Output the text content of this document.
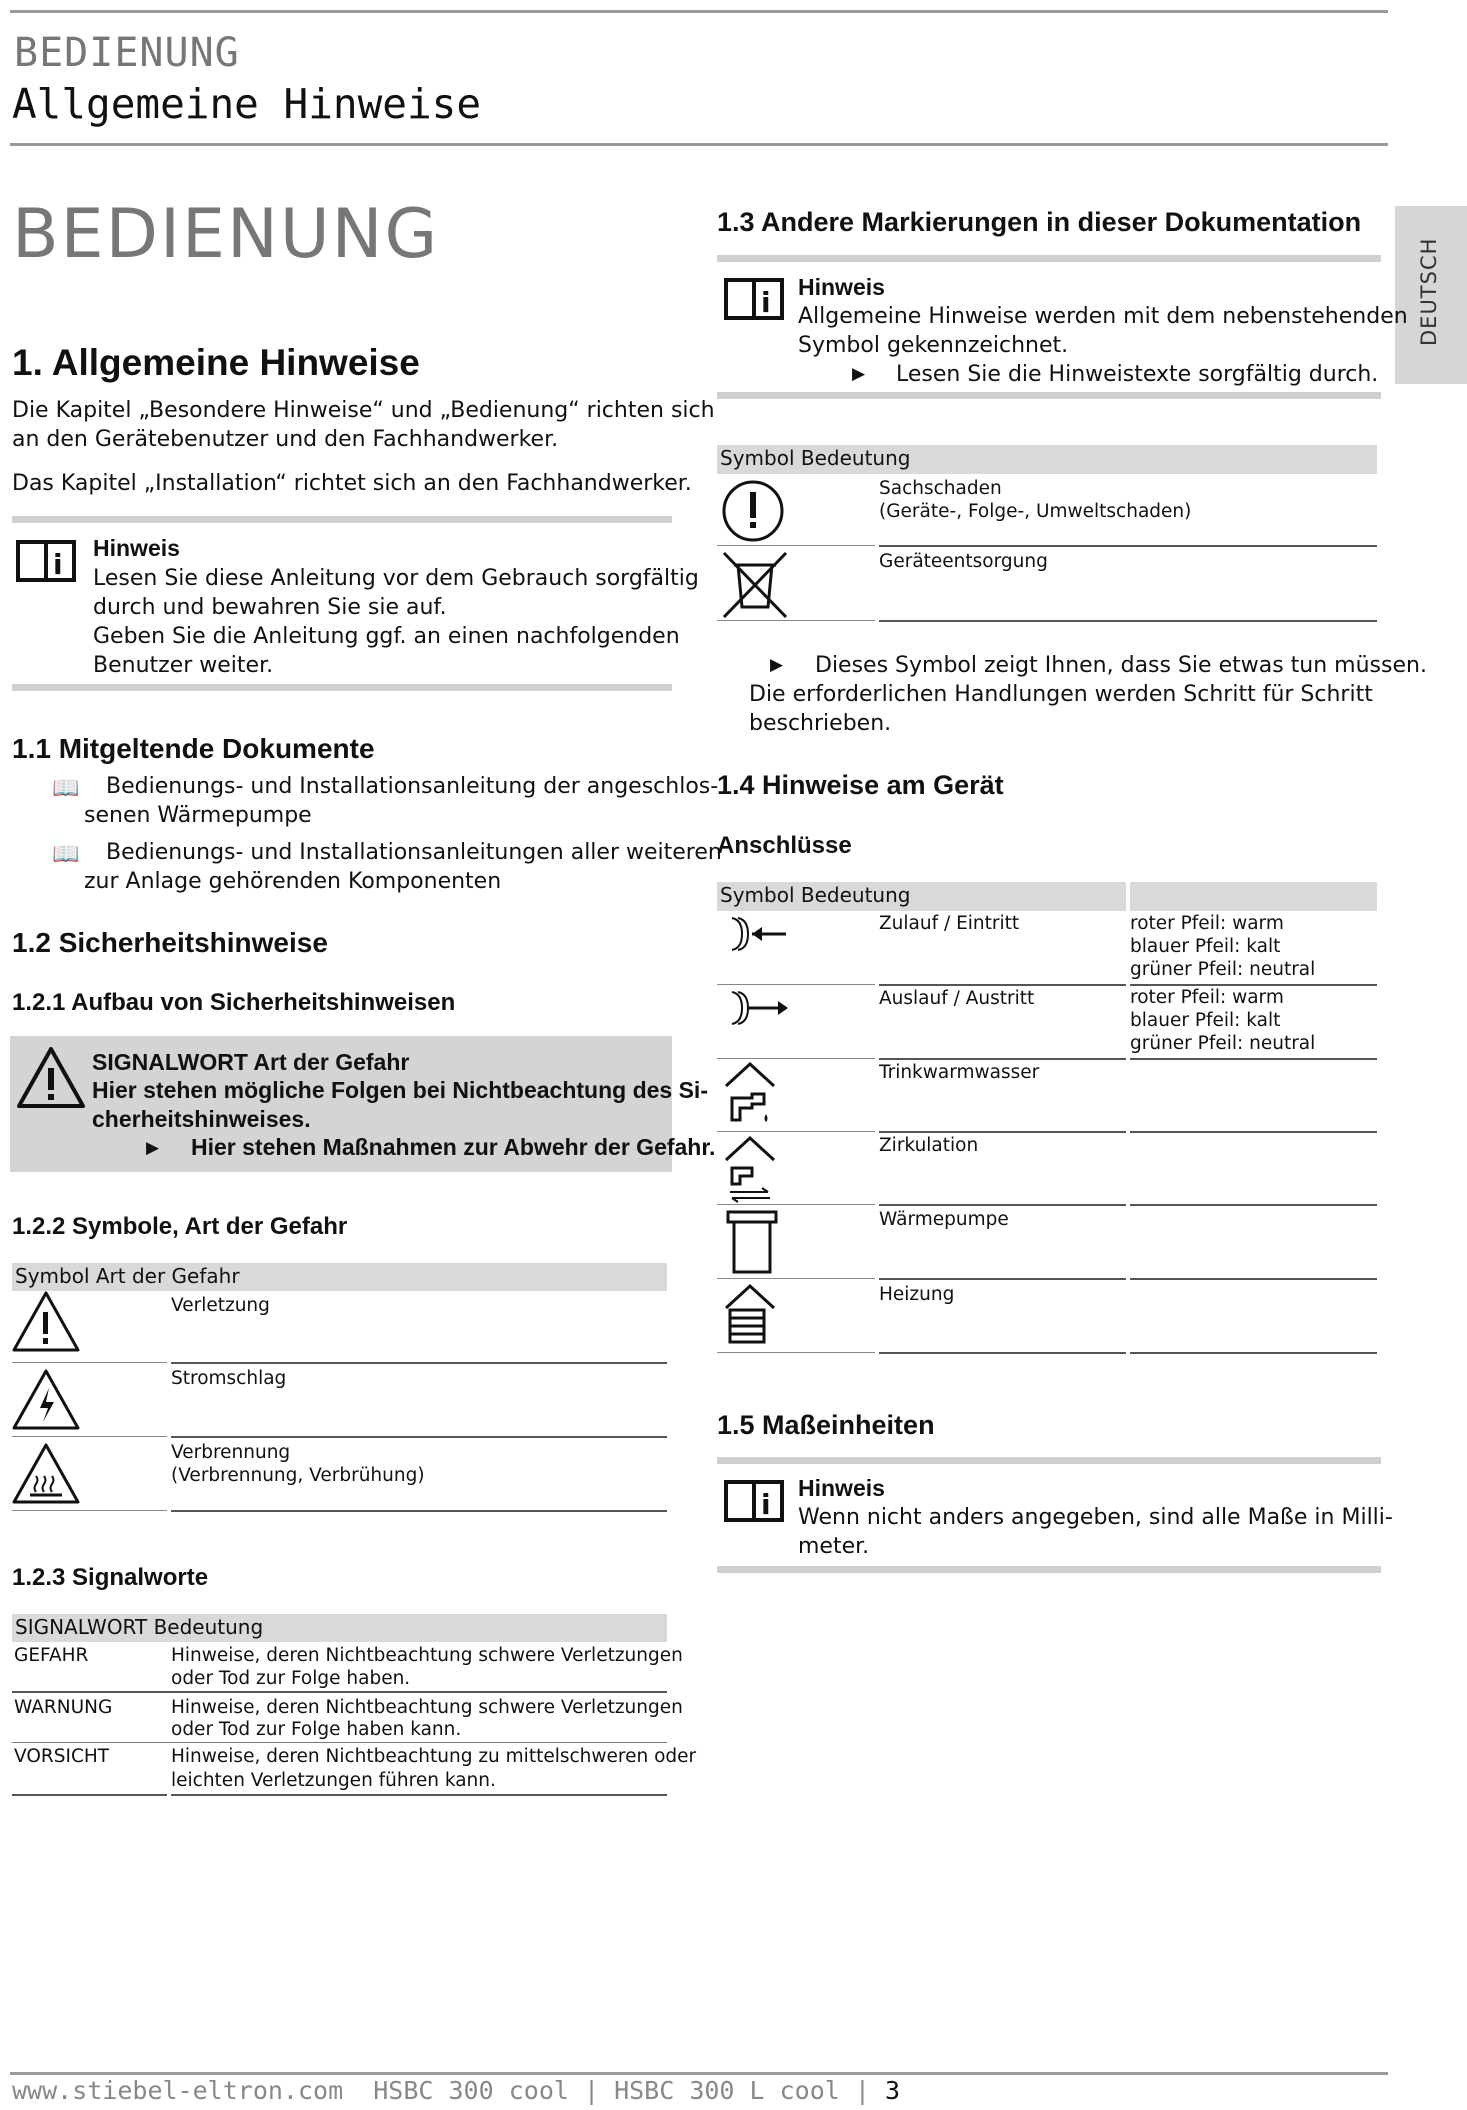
BEDIENUNG
Allgemeine Hinweise
DEUTSCH
BEDIENUNG
1. Allgemeine Hinweise
Die Kapitel „Besondere Hinweise“ und „Bedienung“ richten sich
an den Gerätebenutzer und den Fachhandwerker.
Das Kapitel „Installation“ richtet sich an den Fachhandwerker.
i Hinweis
Lesen Sie diese Anleitung vor dem Gebrauch sorgfältig
durch und bewahren Sie sie auf.
Geben Sie die Anleitung ggf. an einen nachfolgenden
Benutzer weiter.
1.1 Mitgeltende Dokumente
📖 Bedienungs- und Installationsanleitung der angeschlos-
senen Wärmepumpe
📖 Bedienungs- und Installationsanleitungen aller weiteren
zur Anlage gehörenden Komponenten
1.2 Sicherheitshinweise
1.2.1 Aufbau von Sicherheitshinweisen
SIGNALWORT Art der Gefahr
Hier stehen mögliche Folgen bei Nichtbeachtung des Si-
cherheitshinweises.
▶ Hier stehen Maßnahmen zur Abwehr der Gefahr.
1.2.2 Symbole, Art der Gefahr
Symbol Art der Gefahr
Verletzung
Stromschlag
Verbrennung
(Verbrennung, Verbrühung)
1.2.3 Signalworte
SIGNALWORT Bedeutung
GEFAHR	Hinweise, deren Nichtbeachtung schwere Verletzungen
oder Tod zur Folge haben.
WARNUNG	Hinweise, deren Nichtbeachtung schwere Verletzungen
oder Tod zur Folge haben kann.
VORSICHT	Hinweise, deren Nichtbeachtung zu mittelschweren oder
leichten Verletzungen führen kann.
1.3 Andere Markierungen in dieser Dokumentation
i Hinweis
Allgemeine Hinweise werden mit dem nebenstehenden
Symbol gekennzeichnet.
▶ Lesen Sie die Hinweistexte sorgfältig durch.
Symbol Bedeutung
Sachschaden
(Geräte-, Folge-, Umweltschaden)
Geräteentsorgung
▶ Dieses Symbol zeigt Ihnen, dass Sie etwas tun müssen.
Die erforderlichen Handlungen werden Schritt für Schritt
beschrieben.
1.4 Hinweise am Gerät
Anschlüsse
Symbol Bedeutung
Zulauf / Eintritt	roter Pfeil: warm
blauer Pfeil: kalt
grüner Pfeil: neutral
Auslauf / Austritt	roter Pfeil: warm
blauer Pfeil: kalt
grüner Pfeil: neutral
Trinkwarmwasser
Zirkulation
Wärmepumpe
Heizung
1.5 Maßeinheiten
i Hinweis
Wenn nicht anders angegeben, sind alle Maße in Milli-
meter.
www.stiebel-eltron.com HSBC 300 cool | HSBC 300 L cool | 3
